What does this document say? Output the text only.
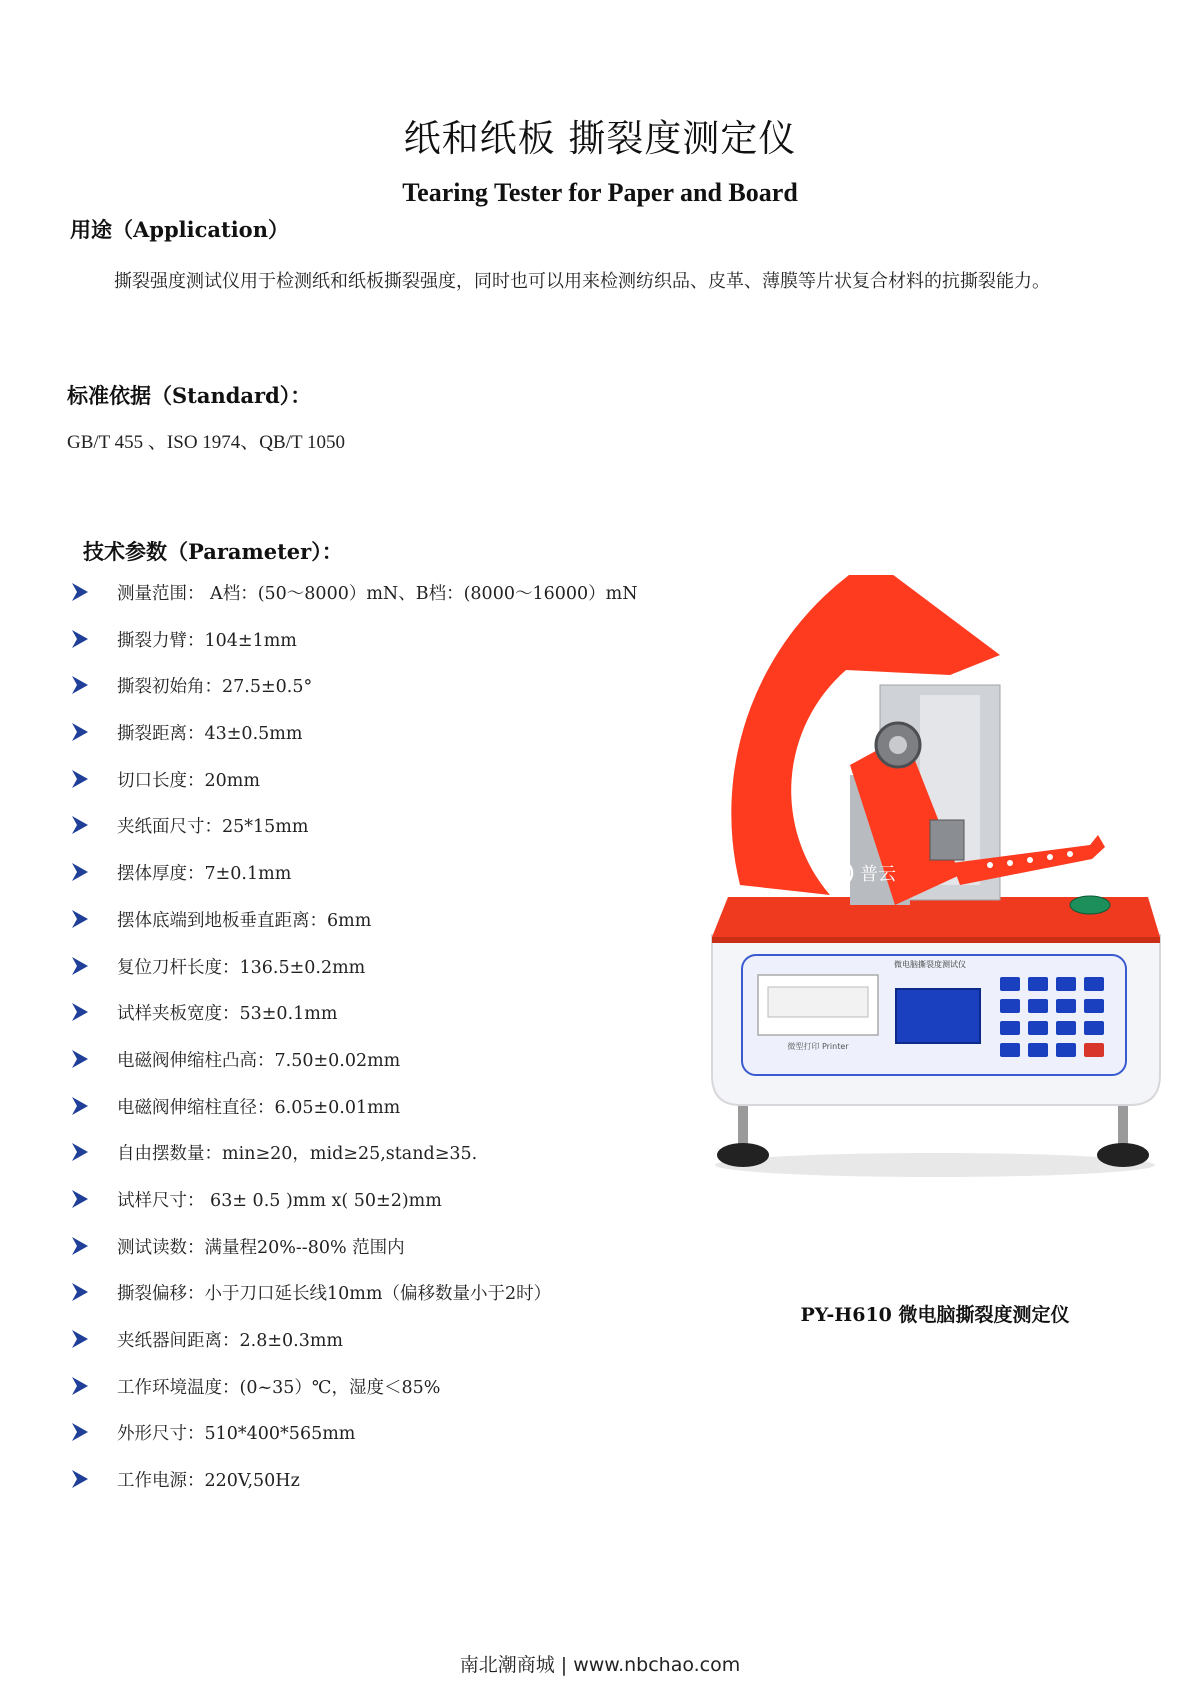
纸和纸板 撕裂度测定仪
Tearing Tester for Paper and Board
用途（Application）
撕裂强度测试仪用于检测纸和纸板撕裂强度，同时也可以用来检测纺织品、皮革、薄膜等片状复合材料的抗撕裂能力。
标准依据（Standard）：
GB/T 455 、ISO 1974、QB/T 1050
技术参数（Parameter）：
测量范围： A档：(50～8000）mN、B档：(8000～16000）mN
撕裂力臂：104±1mm
撕裂初始角：27.5±0.5°
撕裂距离：43±0.5mm
切口长度：20mm
夹纸面尺寸：25*15mm
摆体厚度：7±0.1mm
摆体底端到地板垂直距离：6mm
复位刀杆长度：136.5±0.2mm
试样夹板宽度：53±0.1mm
电磁阀伸缩柱凸高：7.50±0.02mm
电磁阀伸缩柱直径：6.05±0.01mm
自由摆数量：min≥20，mid≥25,stand≥35.
试样尺寸： 63± 0.5 )mm x( 50±2)mm
测试读数：满量程20%--80% 范围内
撕裂偏移：小于刀口延长线10mm（偏移数量小于2时）
夹纸器间距离：2.8±0.3mm
工作环境温度：(0~35）℃，湿度＜85%
外形尺寸：510*400*565mm
工作电源：220V,50Hz
微电脑撕裂度测试仪
微型打印 Printer
普云
PY-H610 微电脑撕裂度测定仪
南北潮商城 | www.nbchao.com
